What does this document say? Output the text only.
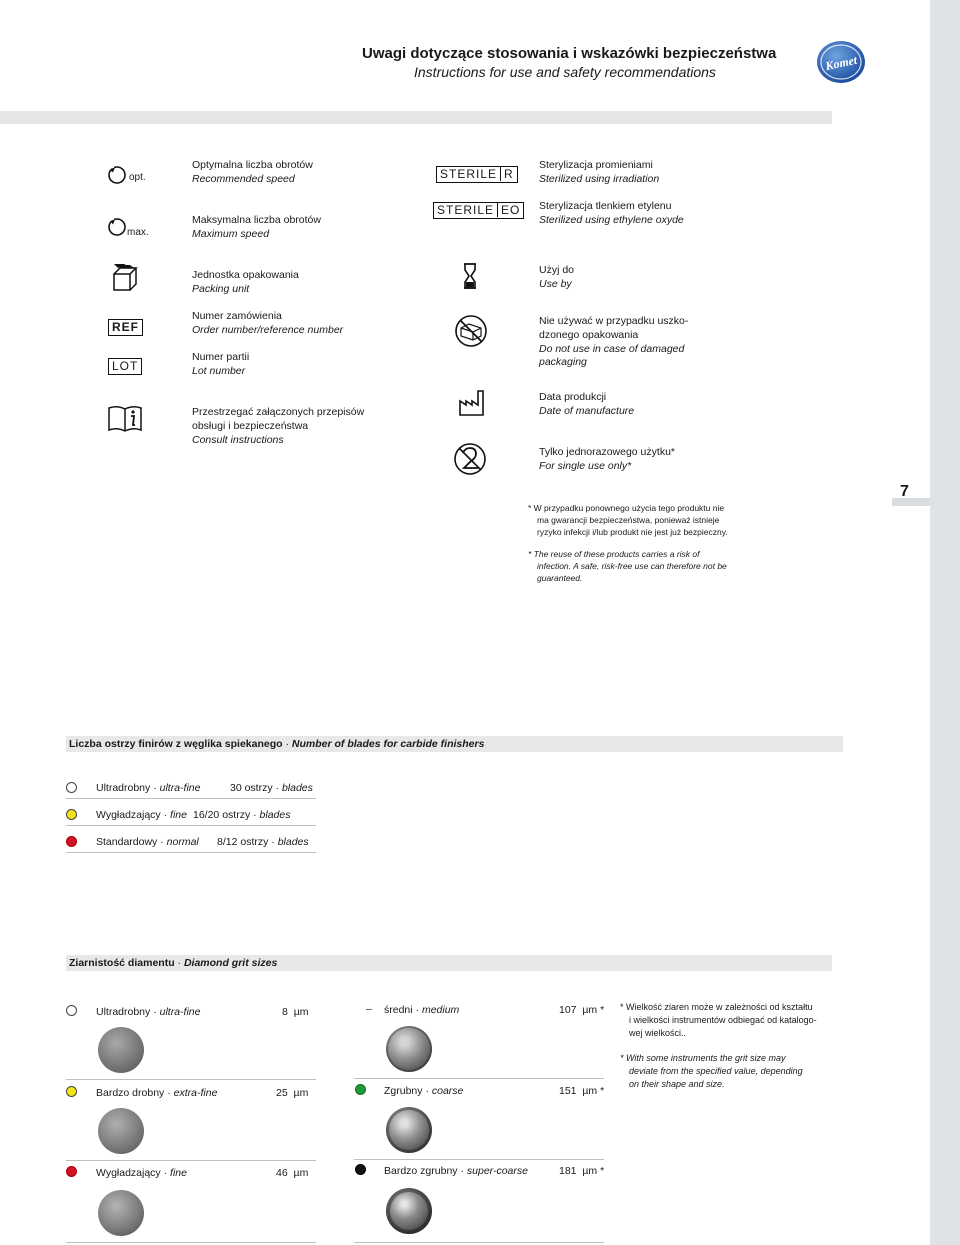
7
Uwagi dotyczące stosowania i wskazówki bezpieczeństwa
Instructions for use and safety recommendations	Komet
opt.
Optymalna liczba obrotów
Recommended speed
max.
Maksymalna liczba obrotów
Maximum speed
Jednostka opakowania
Packing unit
REF
Numer zamówienia
Order number/reference number
LOT
Numer partii
Lot number
Przestrzegać załączonych przepisów
obsługi i bezpieczeństwa
Consult instructions
STERILE R
Sterylizacja promieniami
Sterilized using irradiation
STERILE EO	Sterylizacja tlenkiem etylenu
Sterilized using ethylene oxyde
Użyj do
Use by
Nie używać w przypadku uszko-
dzonego opakowania
Do not use in case of damaged
packaging
Data produkcji
Date of manufacture
Tylko jednorazowego użytku*
For single use only*
* W przypadku ponownego użycia tego produktu nie
ma gwarancji bezpieczeństwa, ponieważ istnieje
ryzyko infekcji i/lub produkt nie jest już bezpieczny.
* The reuse of these products carries a risk of
infection. A safe, risk-free use can therefore not be
guaranteed.
Liczba ostrzy finirów z węglika spiekanego · Number of blades for carbide finishers
Ultradrobny · ultra-fine	30 ostrzy · blades
Wygładzający · fine 16/20 ostrzy · blades
Standardowy · normal 8/12 ostrzy · blades
Ziarnistość diamentu · Diamond grit sizes
Ultradrobny · ultra-fine	8 µm
Bardzo drobny · extra-fine	25 µm
Wygładzający · fine	46 µm
– średni · medium	107 µm *
Zgrubny · coarse	151 µm *
Bardzo zgrubny · super-coarse	181 µm *
* Wielkość ziaren może w zależności od kształtu
i wielkości instrumentów odbiegać od katalogo-
wej wielkości..
* With some instruments the grit size may
deviate from the specified value, depending
on their shape and size.
